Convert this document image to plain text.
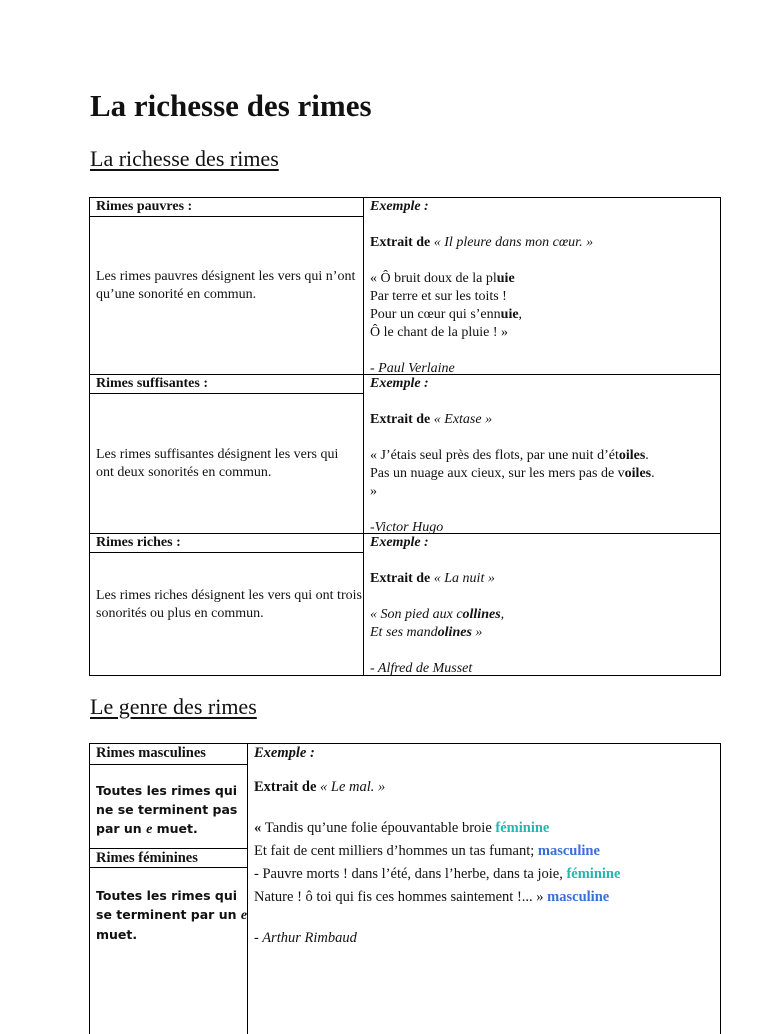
La richesse des rimes
La richesse des rimes
Rimes pauvres :
Les rimes pauvres désignent les vers qui n’ont qu’une sonorité en commun.
Exemple :
Extrait de « Il pleure dans mon cœur. »
« Ô bruit doux de la pluie
Par terre et sur les toits !
Pour un cœur qui s’ennuie,
Ô le chant de la pluie ! »
- Paul Verlaine
Rimes suffisantes :
Les rimes suffisantes désignent les vers qui ont deux sonorités en commun.
Exemple :
Extrait de « Extase »
« J’étais seul près des flots, par une nuit d’étoiles.
Pas un nuage aux cieux, sur les mers pas de voiles.
»
-Victor Hugo
Rimes riches :
Les rimes riches désignent les vers qui ont trois sonorités ou plus en commun.
Exemple :
Extrait de « La nuit »
« Son pied aux collines,
Et ses mandolines »
- Alfred de Musset
Le genre des rimes
Rimes masculines
Toutes les rimes qui
ne se terminent pas
par un e muet.
Rimes féminines
Toutes les rimes qui
se terminent par un e
muet.
Exemple :
Extrait de « Le mal. »
« Tandis qu’une folie épouvantable broie féminine
Et fait de cent milliers d’hommes un tas fumant; masculine
- Pauvre morts ! dans l’été, dans l’herbe, dans ta joie, féminine
Nature ! ô toi qui fis ces hommes saintement !... » masculine
- Arthur Rimbaud
